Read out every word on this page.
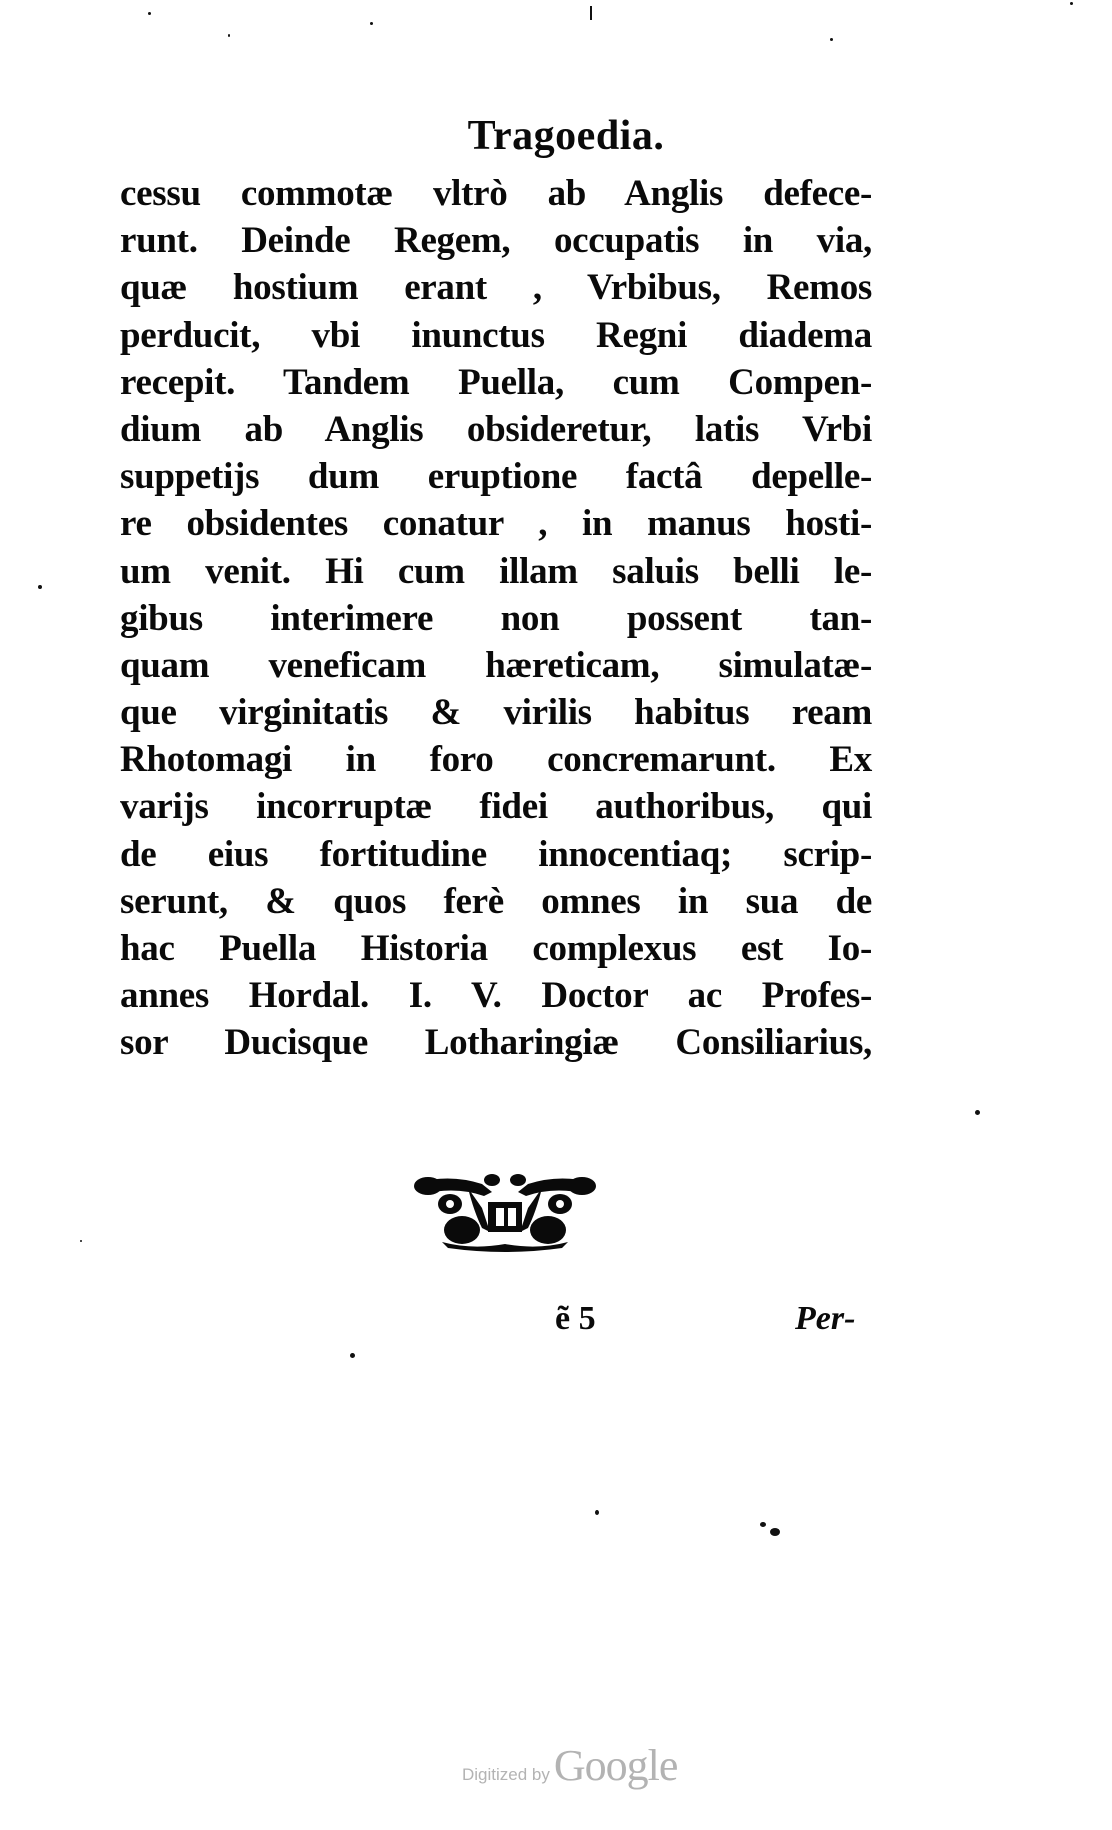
Tragoedia.
cessu commotæ vltrò ab Anglis defece-
runt. Deinde Regem, occupatis in via,
quæ hostium erant , Vrbibus, Remos
perducit, vbi inunctus Regni diadema
recepit. Tandem Puella, cum Compen-
dium ab Anglis obsideretur, latis Vrbi
suppetijs dum eruptione factâ depelle-
re obsidentes conatur , in manus hosti-
um venit. Hi cum illam saluis belli le-
gibus interimere non possent tan-
quam veneficam hæreticam, simulatæ-
que virginitatis & virilis habitus ream
Rhotomagi in foro concremarunt. Ex
varijs incorruptæ fidei authoribus, qui
de eius fortitudine innocentiaq; scrip-
serunt, & quos ferè omnes in sua de
hac Puella Historia complexus est Io-
annes Hordal. I. V. Doctor ac Profes-
sor Ducisque Lotharingiæ Consiliarius,
ẽ 5	Per-
Digitized by Google
